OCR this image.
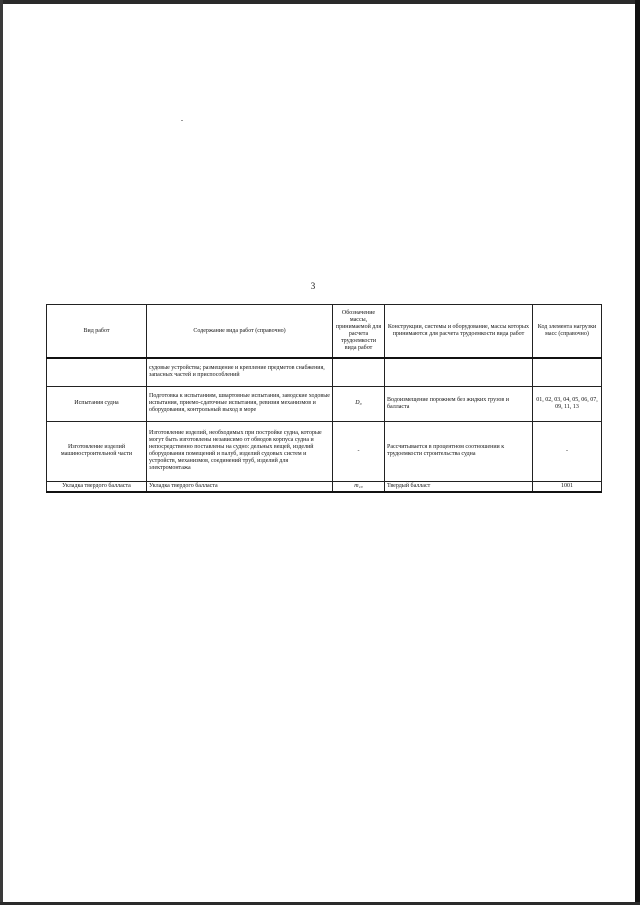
3
Вид работ	Содержание вида работ (справочно)	Обозначение массы, принимаемой для расчета трудоемкости вида работ	Конструкции, системы и оборудование, массы которых принимаются для расчета трудоемкости вида работ	Код элемента нагрузки масс (справочно)
	судовые устройства; размещение и крепление предметов снабжения, запасных частей и приспособлений			
Испытания судна	Подготовка к испытаниям, швартовные испытания, заводские ходовые испытания, приемо-сдаточные испытания, ревизия механизмов и оборудования, контрольный выход в море	D₀	Водоизмещение порожнем без жидких грузов и балласта	01, 02, 03, 04, 05, 06, 07, 09, 11, 13
Изготовление изделий машиностроительной части	Изготовление изделий, необходимых при постройке судна, которые могут быть изготовлены независимо от обводов корпуса судна и непосредственно поставлены на судно: дельных вещей, изделий оборудования помещений и палуб, изделий судовых систем и устройств, механизмов, соединений труб, изделий для электромонтажа	-	Рассчитывается в процентном соотношении к трудоемкости строительства судна	-
Укладка твердого балласта	Укладка твердого балласта	m₁₀	Твердый балласт	1001
